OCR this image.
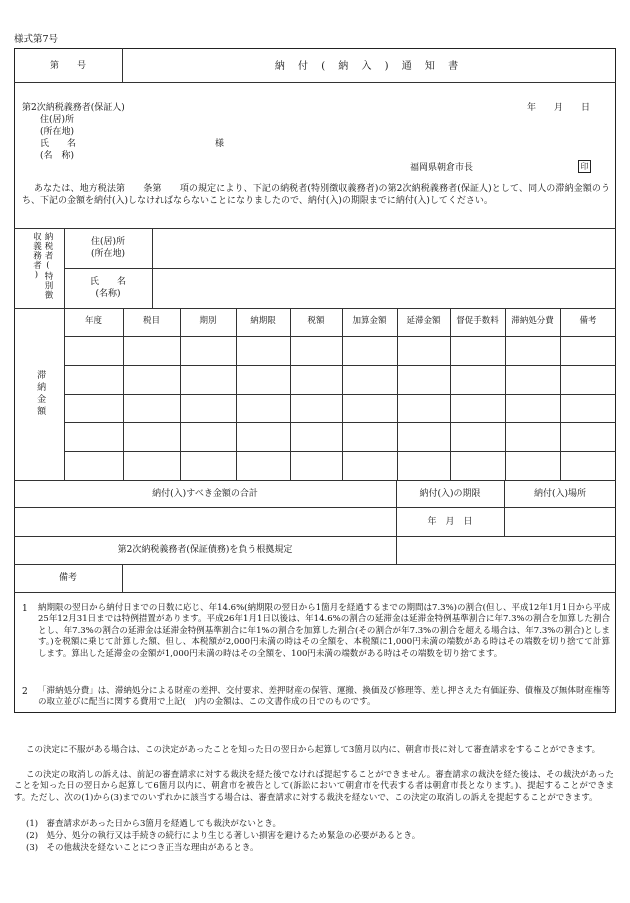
様式第7号
第　　号	納 付 ( 納 入 ) 通 知 書
第2次納税義務者(保証人)
住(居)所
(所在地)
氏　　名
(名　称)
様
年　　月　　日
福岡県朝倉市長	印
あなたは、地方税法第　　条第　　項の規定により、下記の納税者(特別徴収義務者)の第2次納税義務者(保証人)として、同人の滞納金額のうち、下記の金額を納付(入)しなければならないことになりましたので、納付(入)の期限までに納付(入)してください。
納税者(特別徴収義務者)	住(居)所
(所在地)
氏　　名
(名称)
滞納金額
年度	税目	期別	納期限	税額	加算金額	延滞金額	督促手数料	滞納処分費	備考
納付(入)すべき金額の合計	納付(入)の期限	納付(入)場所
年　月　日
第2次納税義務者(保証債務)を負う根拠規定
備考
1 納期限の翌日から納付日までの日数に応じ、年14.6%(納期限の翌日から1箇月を経過するまでの期間は7.3%)の割合(但し、平成12年1月1日から平成25年12月31日までは特例措置があります。平成26年1月1日以後は、年14.6%の割合の延滞金は延滞金特例基準割合に年7.3%の割合を加算した割合とし、年7.3%の割合の延滞金は延滞金特例基準割合に年1%の割合を加算した割合(その割合が年7.3%の割合を超える場合は、年7.3%の割合)とします。)を税額に乗じて計算した額、但し、本税額が2,000円未満の時はその全額を、本税額に1,000円未満の端数がある時はその端数を切り捨てて計算します。算出した延滞金の金額が1,000円未満の時はその全額を、100円未満の端数がある時はその端数を切り捨てます。
2 「滞納処分費」は、滞納処分による財産の差押、交付要求、差押財産の保管、運搬、換価及び修理等、差し押さえた有価証券、債権及び無体財産権等の取立並びに配当に関する費用で上記(　)内の金額は、この文書作成の日でのものです。
この決定に不服がある場合は、この決定があったことを知った日の翌日から起算して3箇月以内に、朝倉市長に対して審査請求をすることができます。
この決定の取消しの訴えは、前記の審査請求に対する裁決を経た後でなければ提起することができません。審査請求の裁決を経た後は、その裁決があったことを知った日の翌日から起算して6箇月以内に、朝倉市を被告として(訴訟において朝倉市を代表する者は朝倉市長となります。)、提起することができます。ただし、次の(1)から(3)までのいずれかに該当する場合は、審査請求に対する裁決を経ないで、この決定の取消しの訴えを提起することができます。
(1)　審査請求があった日から3箇月を経過しても裁決がないとき。
(2)　処分、処分の執行又は手続きの続行により生じる著しい損害を避けるため緊急の必要があるとき。
(3)　その他裁決を経ないことにつき正当な理由があるとき。
